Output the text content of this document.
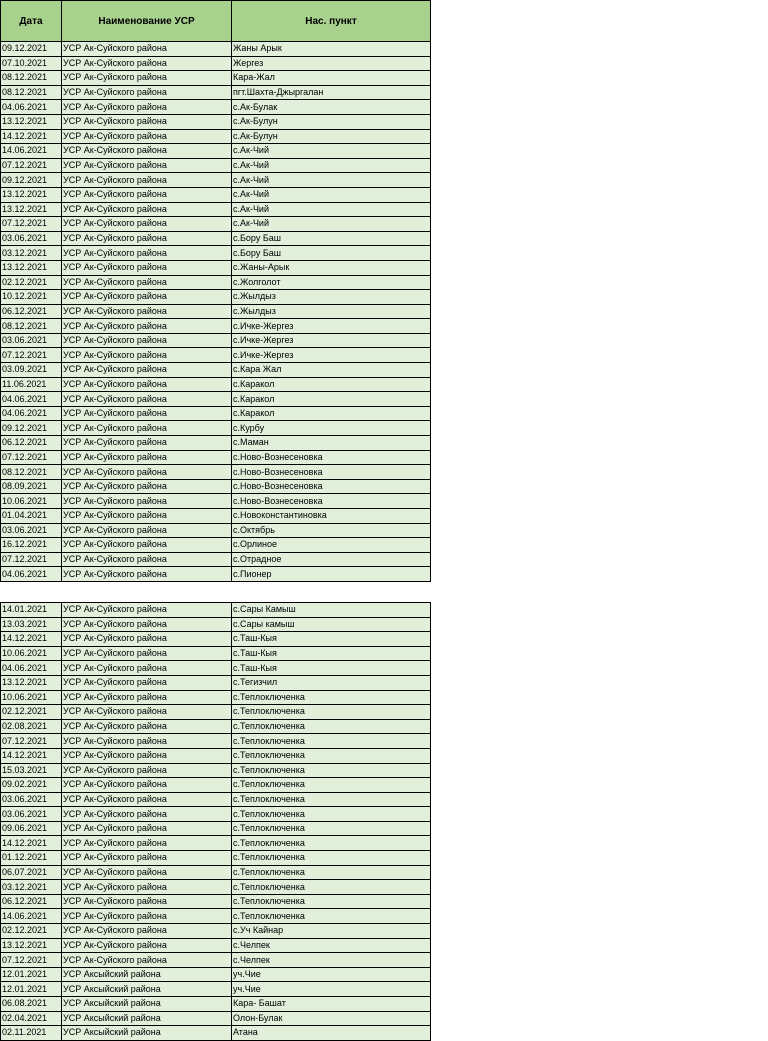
Дата	Наименование УСР	Нас. пункт
09.12.2021	УСР Ак-Суйского района	Жаны Арык
07.10.2021	УСР Ак-Суйского района	Жергез
08.12.2021	УСР Ак-Суйского района	Кара-Жал
08.12.2021	УСР Ак-Суйского района	пгт.Шахта-Джыргалан
04.06.2021	УСР Ак-Суйского района	с.Ак-Булак
13.12.2021	УСР Ак-Суйского района	с.Ак-Булун
14.12.2021	УСР Ак-Суйского района	с.Ак-Булун
14.06.2021	УСР Ак-Суйского района	с.Ак-Чий
07.12.2021	УСР Ак-Суйского района	с.Ак-Чий
09.12.2021	УСР Ак-Суйского района	с.Ак-Чий
13.12.2021	УСР Ак-Суйского района	с.Ак-Чий
13.12.2021	УСР Ак-Суйского района	с.Ак-Чий
07.12.2021	УСР Ак-Суйского района	с.Ак-Чий
03.06.2021	УСР Ак-Суйского района	с.Бору Баш
03.12.2021	УСР Ак-Суйского района	с.Бору Баш
13.12.2021	УСР Ак-Суйского района	с.Жаны-Арык
02.12.2021	УСР Ак-Суйского района	с.Жолголот
10.12.2021	УСР Ак-Суйского района	с.Жылдыз
06.12.2021	УСР Ак-Суйского района	с.Жылдыз
08.12.2021	УСР Ак-Суйского района	с.Ичке-Жергез
03.06.2021	УСР Ак-Суйского района	с.Ичке-Жергез
07.12.2021	УСР Ак-Суйского района	с.Ичке-Жергез
03.09.2021	УСР Ак-Суйского района	с.Кара Жал
11.06.2021	УСР Ак-Суйского района	с.Каракол
04.06.2021	УСР Ак-Суйского района	с.Каракол
04.06.2021	УСР Ак-Суйского района	с.Каракол
09.12.2021	УСР Ак-Суйского района	с.Курбу
06.12.2021	УСР Ак-Суйского района	с.Маман
07.12.2021	УСР Ак-Суйского района	с.Ново-Вознесеновка
08.12.2021	УСР Ак-Суйского района	с.Ново-Вознесеновка
08.09.2021	УСР Ак-Суйского района	с.Ново-Вознесеновка
10.06.2021	УСР Ак-Суйского района	с.Ново-Вознесеновка
01.04.2021	УСР Ак-Суйского района	с.Новоконстантиновка
03.06.2021	УСР Ак-Суйского района	с.Октябрь
16.12.2021	УСР Ак-Суйского района	с.Орлиное
07.12.2021	УСР Ак-Суйского района	с.Отрадное
04.06.2021	УСР Ак-Суйского района	с.Пионер
14.01.2021	УСР Ак-Суйского района	с.Сары Камыш
13.03.2021	УСР Ак-Суйского района	с.Сары камыш
14.12.2021	УСР Ак-Суйского района	с.Таш-Кыя
10.06.2021	УСР Ак-Суйского района	с.Таш-Кыя
04.06.2021	УСР Ак-Суйского района	с.Таш-Кыя
13.12.2021	УСР Ак-Суйского района	с.Тегизчил
10.06.2021	УСР Ак-Суйского района	с.Теплоключенка
02.12.2021	УСР Ак-Суйского района	с.Теплоключенка
02.08.2021	УСР Ак-Суйского района	с.Теплоключенка
07.12.2021	УСР Ак-Суйского района	с.Теплоключенка
14.12.2021	УСР Ак-Суйского района	с.Теплоключенка
15.03.2021	УСР Ак-Суйского района	с.Теплоключенка
09.02.2021	УСР Ак-Суйского района	с.Теплоключенка
03.06.2021	УСР Ак-Суйского района	с.Теплоключенка
03.06.2021	УСР Ак-Суйского района	с.Теплоключенка
09.06.2021	УСР Ак-Суйского района	с.Теплоключенка
14.12.2021	УСР Ак-Суйского района	с.Теплоключенка
01.12.2021	УСР Ак-Суйского района	с.Теплоключенка
06.07.2021	УСР Ак-Суйского района	с.Теплоключенка
03.12.2021	УСР Ак-Суйского района	с.Теплоключенка
06.12.2021	УСР Ак-Суйского района	с.Теплоключенка
14.06.2021	УСР Ак-Суйского района	с.Теплоключенка
02.12.2021	УСР Ак-Суйского района	с.Уч Кайнар
13.12.2021	УСР Ак-Суйского района	с.Челпек
07.12.2021	УСР Ак-Суйского района	с.Челпек
12.01.2021	УСР Аксыйский района	уч.Чие
12.01.2021	УСР Аксыйский района	уч.Чие
06.08.2021	УСР Аксыйский района	Кара- Башат
02.04.2021	УСР Аксыйский района	Олон-Булак
02.11.2021	УСР Аксыйский района	Атана
